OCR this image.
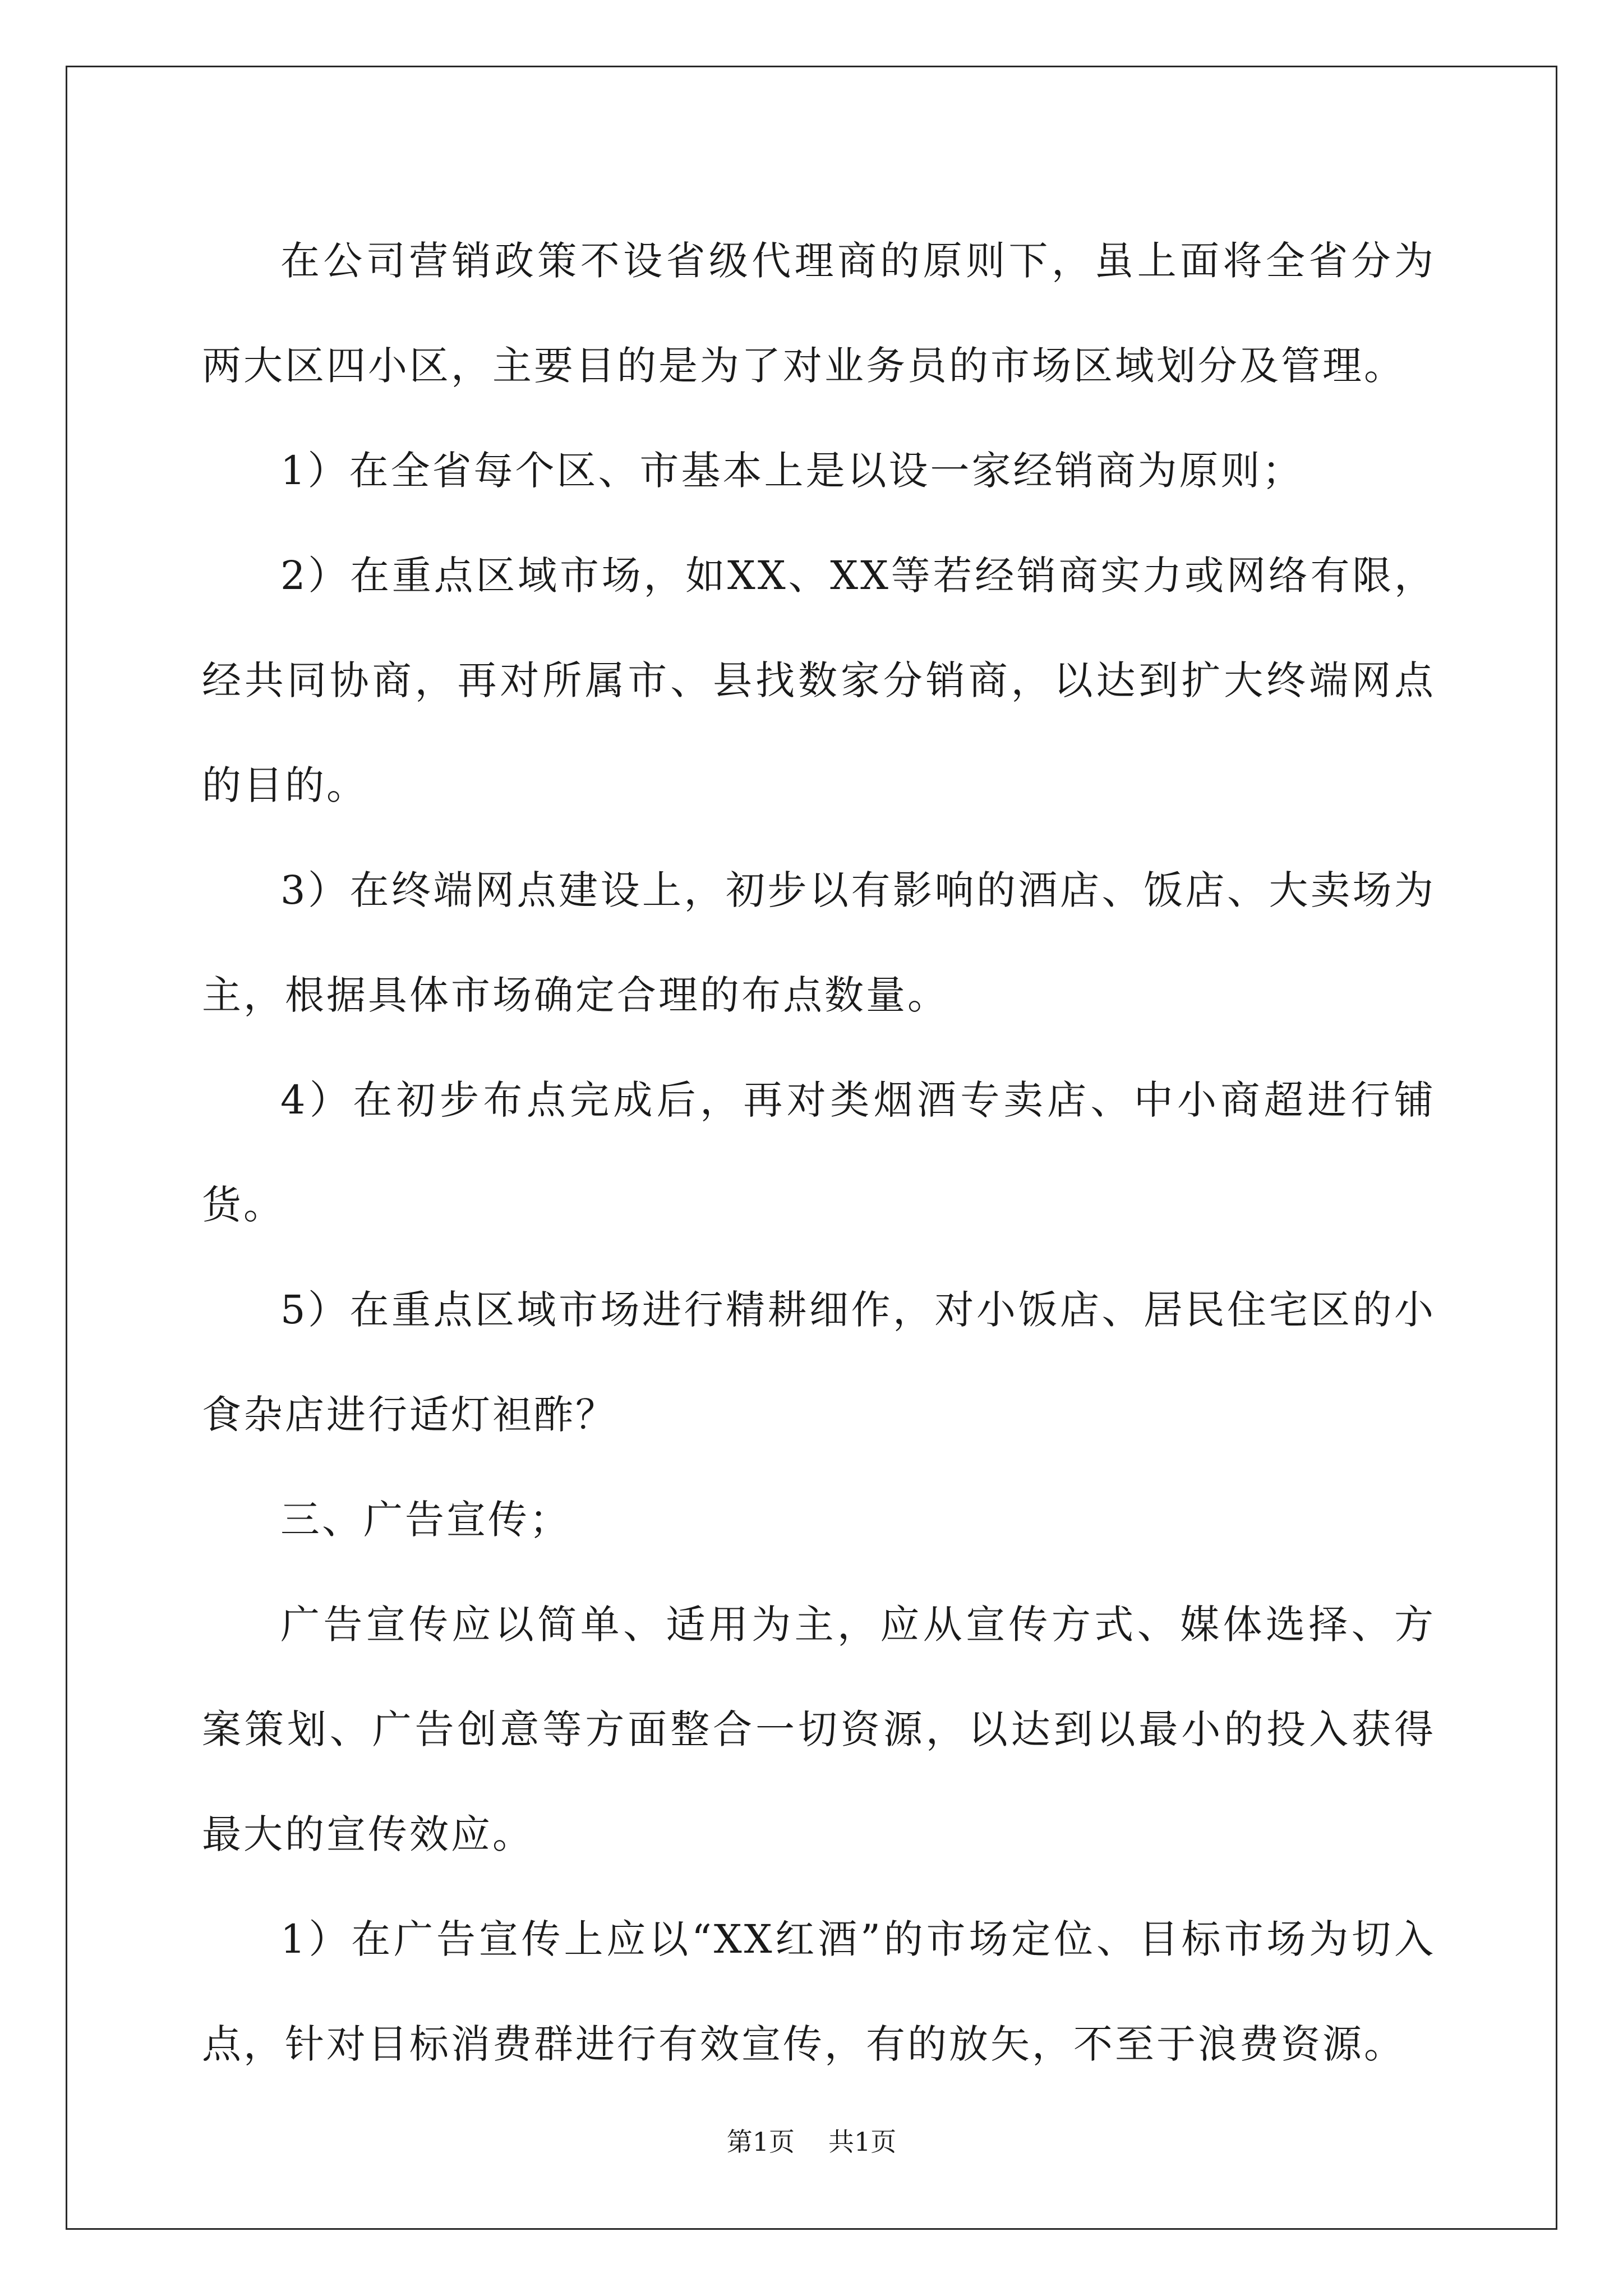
在公司营销政策不设省级代理商的原则下，虽上面将全省分为两大区四小区，主要目的是为了对业务员的市场区域划分及管理。

1）在全省每个区、市基本上是以设一家经销商为原则；

2）在重点区域市场，如XX、XX等若经销商实力或网络有限，经共同协商，再对所属市、县找数家分销商，以达到扩大终端网点的目的。

3）在终端网点建设上，初步以有影响的酒店、饭店、大卖场为主，根据具体市场确定合理的布点数量。

4）在初步布点完成后，再对类烟酒专卖店、中小商超进行铺货。

5）在重点区域市场进行精耕细作，对小饭店、居民住宅区的小食杂店进行适灯袒酢？

三、广告宣传；

广告宣传应以简单、适用为主，应从宣传方式、媒体选择、方案策划、广告创意等方面整合一切资源，以达到以最小的投入获得最大的宣传效应。

1）在广告宣传上应以“XX红酒”的市场定位、目标市场为切入点，针对目标消费群进行有效宣传，有的放矢，不至于浪费资源。

第1页 共1页
